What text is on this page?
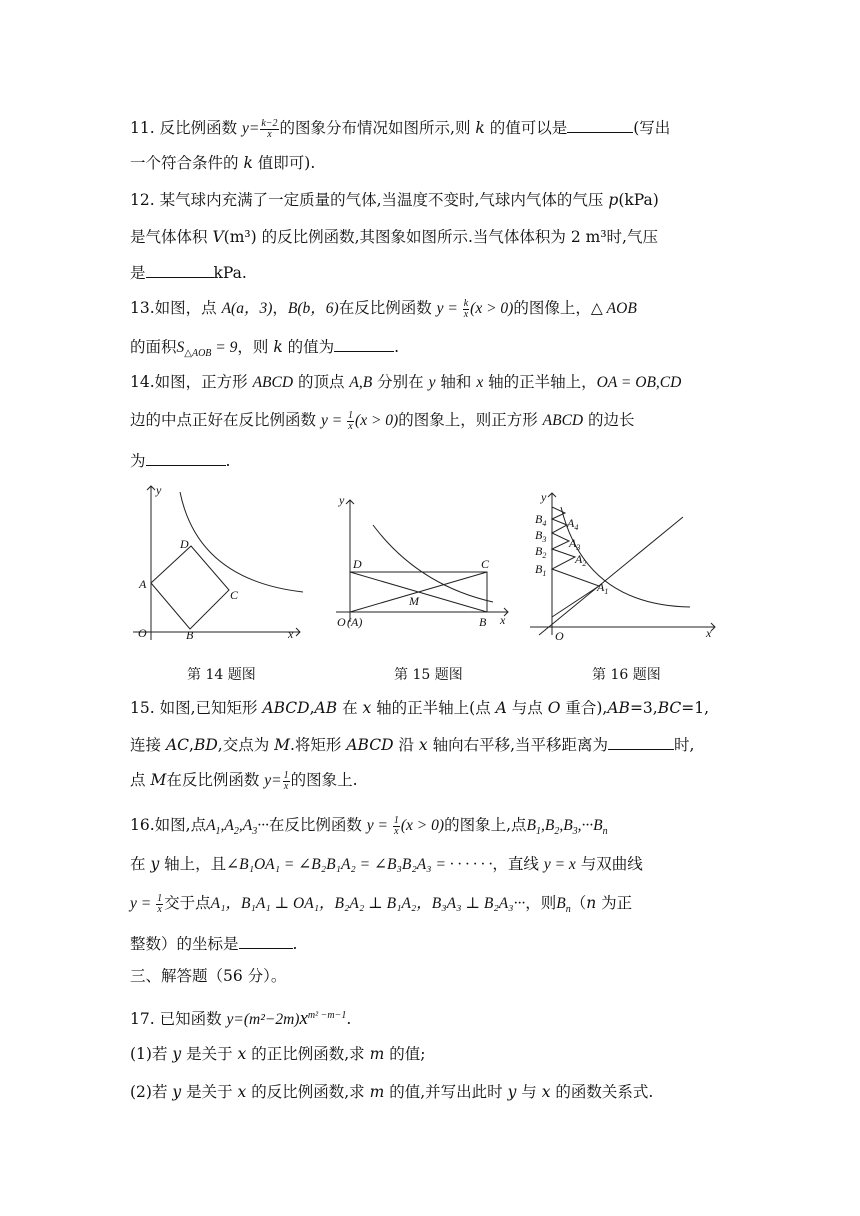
11. 反比例函数 $y= \frac{k-2}{x}$ 的图象分布情况如图所示,则 k 的值可以是	(写出
一个符合条件的 k 值即可).
12. 某气球内充满了一定质量的气体,当温度不变时,气球内气体的气压 p(kPa)
是气体体积 V(m³) 的反比例函数,其图象如图所示.当气体体积为 2 m³时,气压
是	kPa.
13.如图，点 A(a，3)，B(b，6)在反比例函数 $y = \frac{k}{x} (x > 0)$的图像上，△ AOB
的面积$S_{\triangle AOB} = 9$，则 k 的值为	.
14.如图，正方形 ABCD 的顶点 A,B 分别在 y 轴和 x 轴的正半轴上，OA = OB,CD
边的中点正好在反比例函数 $y = \frac{1}{x} (x > 0)$的图象上，则正方形 ABCD 的边长
为	.
y
D
A
C
O	B	x
第 14 题图
y
D	C
M
O (A)	B x
第 15 题图
y
$B_4$
$B_3$
$B_2$
$B_1$
$A_4$
$A_3$
$A_2$
$A_1$
O	x
第 16 题图
15. 如图,已知矩形 ABCD,AB 在 x 轴的正半轴上(点 A 与点 O 重合),AB=3,BC=1,
连接 AC,BD,交点为 M.将矩形 ABCD 沿 x 轴向右平移,当平移距离为	时,
点 M在反比例函数 $y= \frac{1}{x}$ 的图象上.
16.如图,点$A_1,A_2,A_3\cdot\cdot\cdot$在反比例函数 $y = \frac{1}{x} (x > 0)$的图象上,点$B_1,B_2,B_3,\cdot\cdot\cdot B_n$
在 y 轴上，且∠B₁OA₁ = ∠B₂B₁A₂ = ∠B₃B₂A₃ = · · · · · ·，直线 y = x 与双曲线
$y = \frac{1}{x}$ 交于点A₁，B₁A₁ ⊥ OA₁，B₂A₂ ⊥ B₁A₂，B₃A₃ ⊥ B₂A₃···，则$B_n(n$ 为正
整数）的坐标是	.
三、解答题（56 分）。
17. 已知函数 $y=(m^2-2m)x^{m^2 -m-1}$.
(1)若 y 是关于 x 的正比例函数,求 m 的值;
(2)若 y 是关于 x 的反比例函数,求 m 的值,并写出此时 y 与 x 的函数关系式.
